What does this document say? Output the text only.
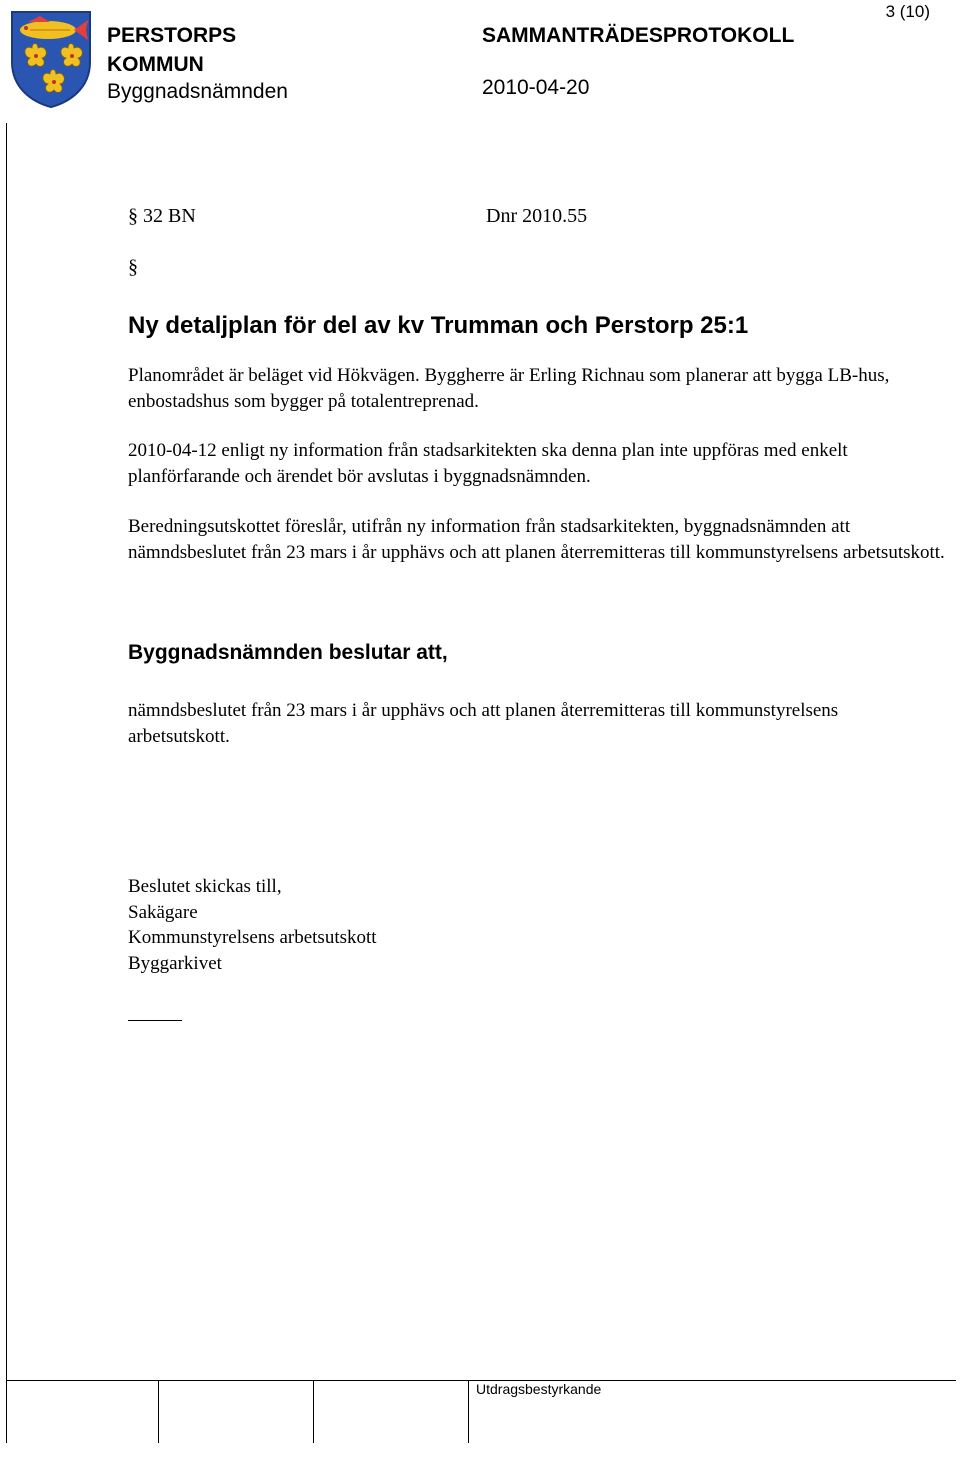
3 (10)
PERSTORPS
KOMMUN
Byggnadsnämnden
SAMMANTRÄDESPROTOKOLL
2010-04-20
§ 32 BN	Dnr 2010.55
§
Ny detaljplan för del av kv Trumman och Perstorp 25:1
Planområdet är beläget vid Hökvägen. Byggherre är Erling Richnau som planerar att bygga LB-hus, enbostadshus som bygger på totalentreprenad.
2010-04-12 enligt ny information från stadsarkitekten ska denna plan inte uppföras med enkelt planförfarande och ärendet bör avslutas i byggnadsnämnden.
Beredningsutskottet föreslår, utifrån ny information från stadsarkitekten, byggnadsnämnden att nämndsbeslutet från 23 mars i år upphävs och att planen återremitteras till kommunstyrelsens arbetsutskott.
Byggnadsnämnden beslutar att,
nämndsbeslutet från 23 mars i år upphävs och att planen återremitteras till kommunstyrelsens arbetsutskott.
Beslutet skickas till,
Sakägare
Kommunstyrelsens arbetsutskott
Byggarkivet
Utdragsbestyrkande
